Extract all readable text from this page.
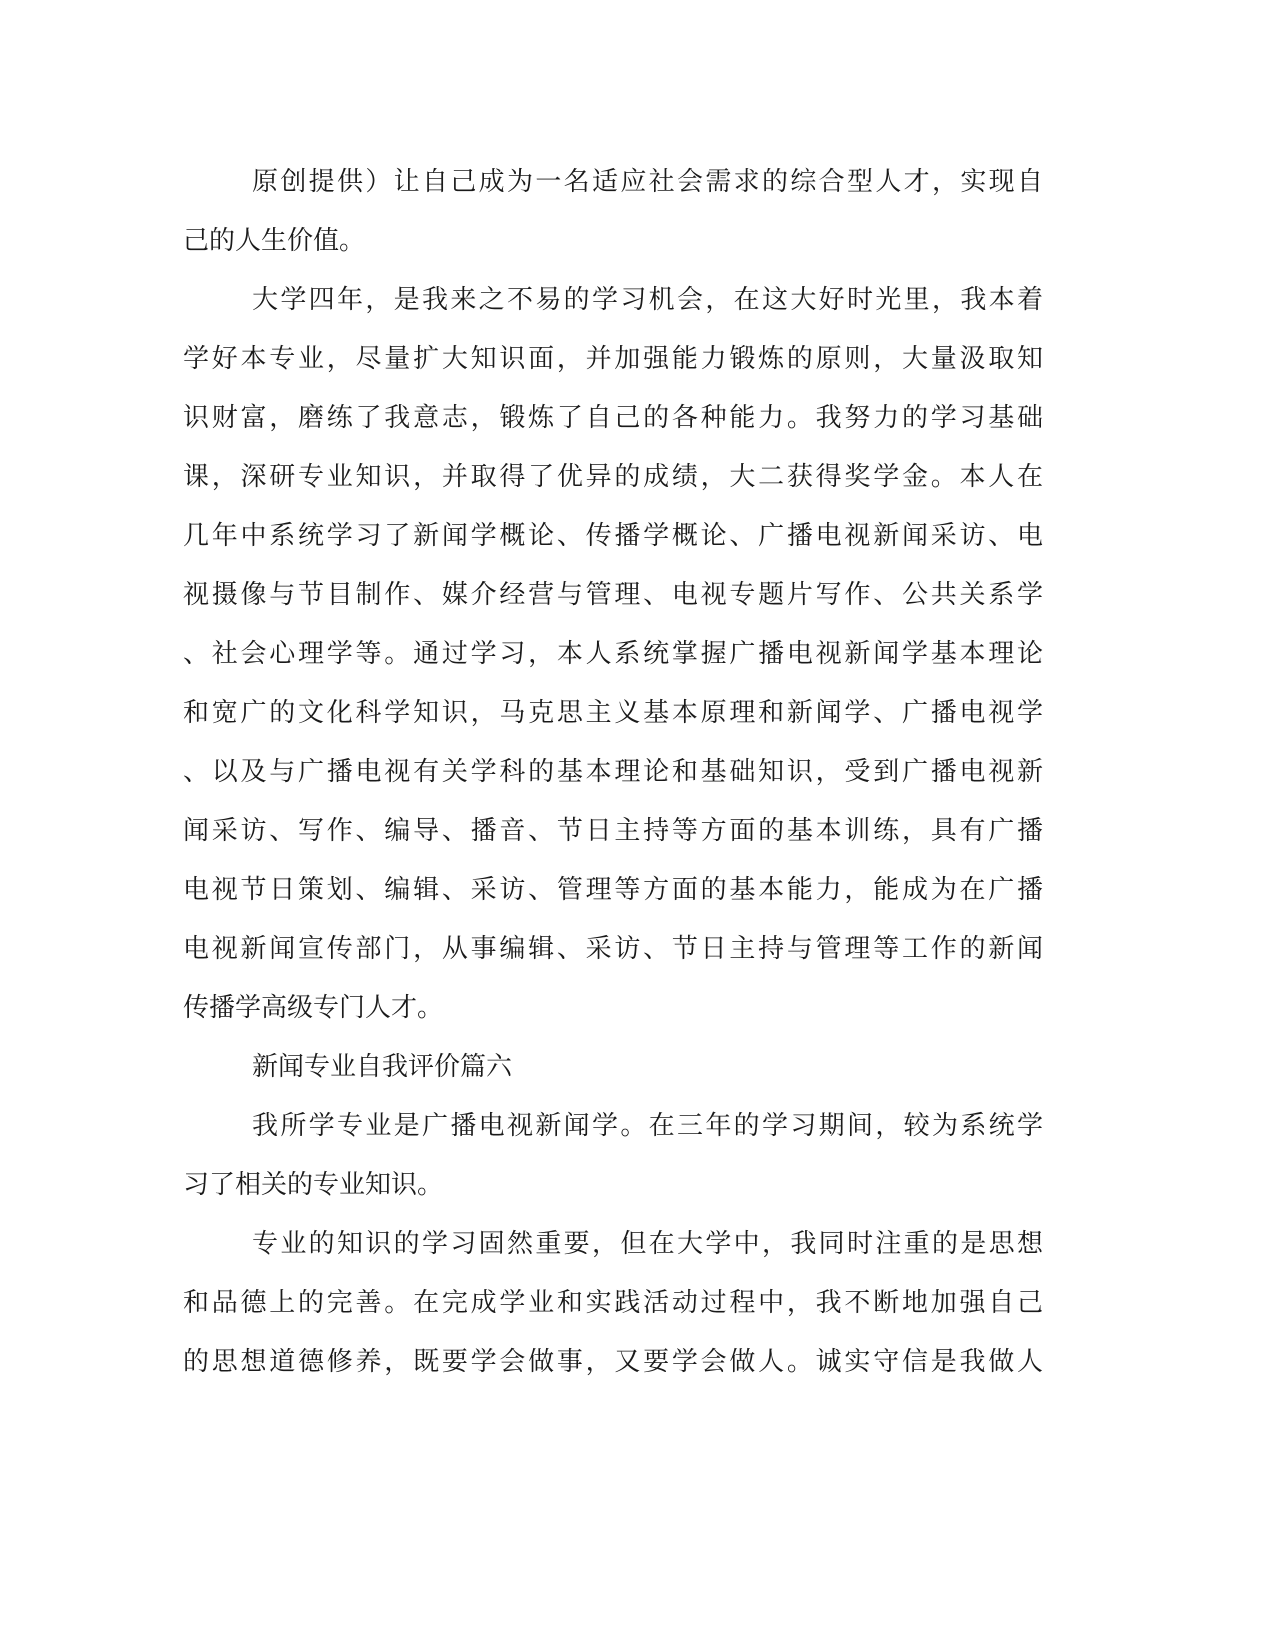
原创提供）让自己成为一名适应社会需求的综合型人才，实现自
己的人生价值。
大学四年，是我来之不易的学习机会，在这大好时光里，我本着
学好本专业，尽量扩大知识面，并加强能力锻炼的原则，大量汲取知
识财富，磨练了我意志，锻炼了自己的各种能力。我努力的学习基础
课，深研专业知识，并取得了优异的成绩，大二获得奖学金。本人在
几年中系统学习了新闻学概论、传播学概论、广播电视新闻采访、电
视摄像与节目制作、媒介经营与管理、电视专题片写作、公共关系学
、社会心理学等。通过学习，本人系统掌握广播电视新闻学基本理论
和宽广的文化科学知识，马克思主义基本原理和新闻学、广播电视学
、以及与广播电视有关学科的基本理论和基础知识，受到广播电视新
闻采访、写作、编导、播音、节日主持等方面的基本训练，具有广播
电视节日策划、编辑、采访、管理等方面的基本能力，能成为在广播
电视新闻宣传部门，从事编辑、采访、节日主持与管理等工作的新闻
传播学高级专门人才。
新闻专业自我评价篇六
我所学专业是广播电视新闻学。在三年的学习期间，较为系统学
习了相关的专业知识。
专业的知识的学习固然重要，但在大学中，我同时注重的是思想
和品德上的完善。在完成学业和实践活动过程中，我不断地加强自己
的思想道德修养，既要学会做事，又要学会做人。诚实守信是我做人
